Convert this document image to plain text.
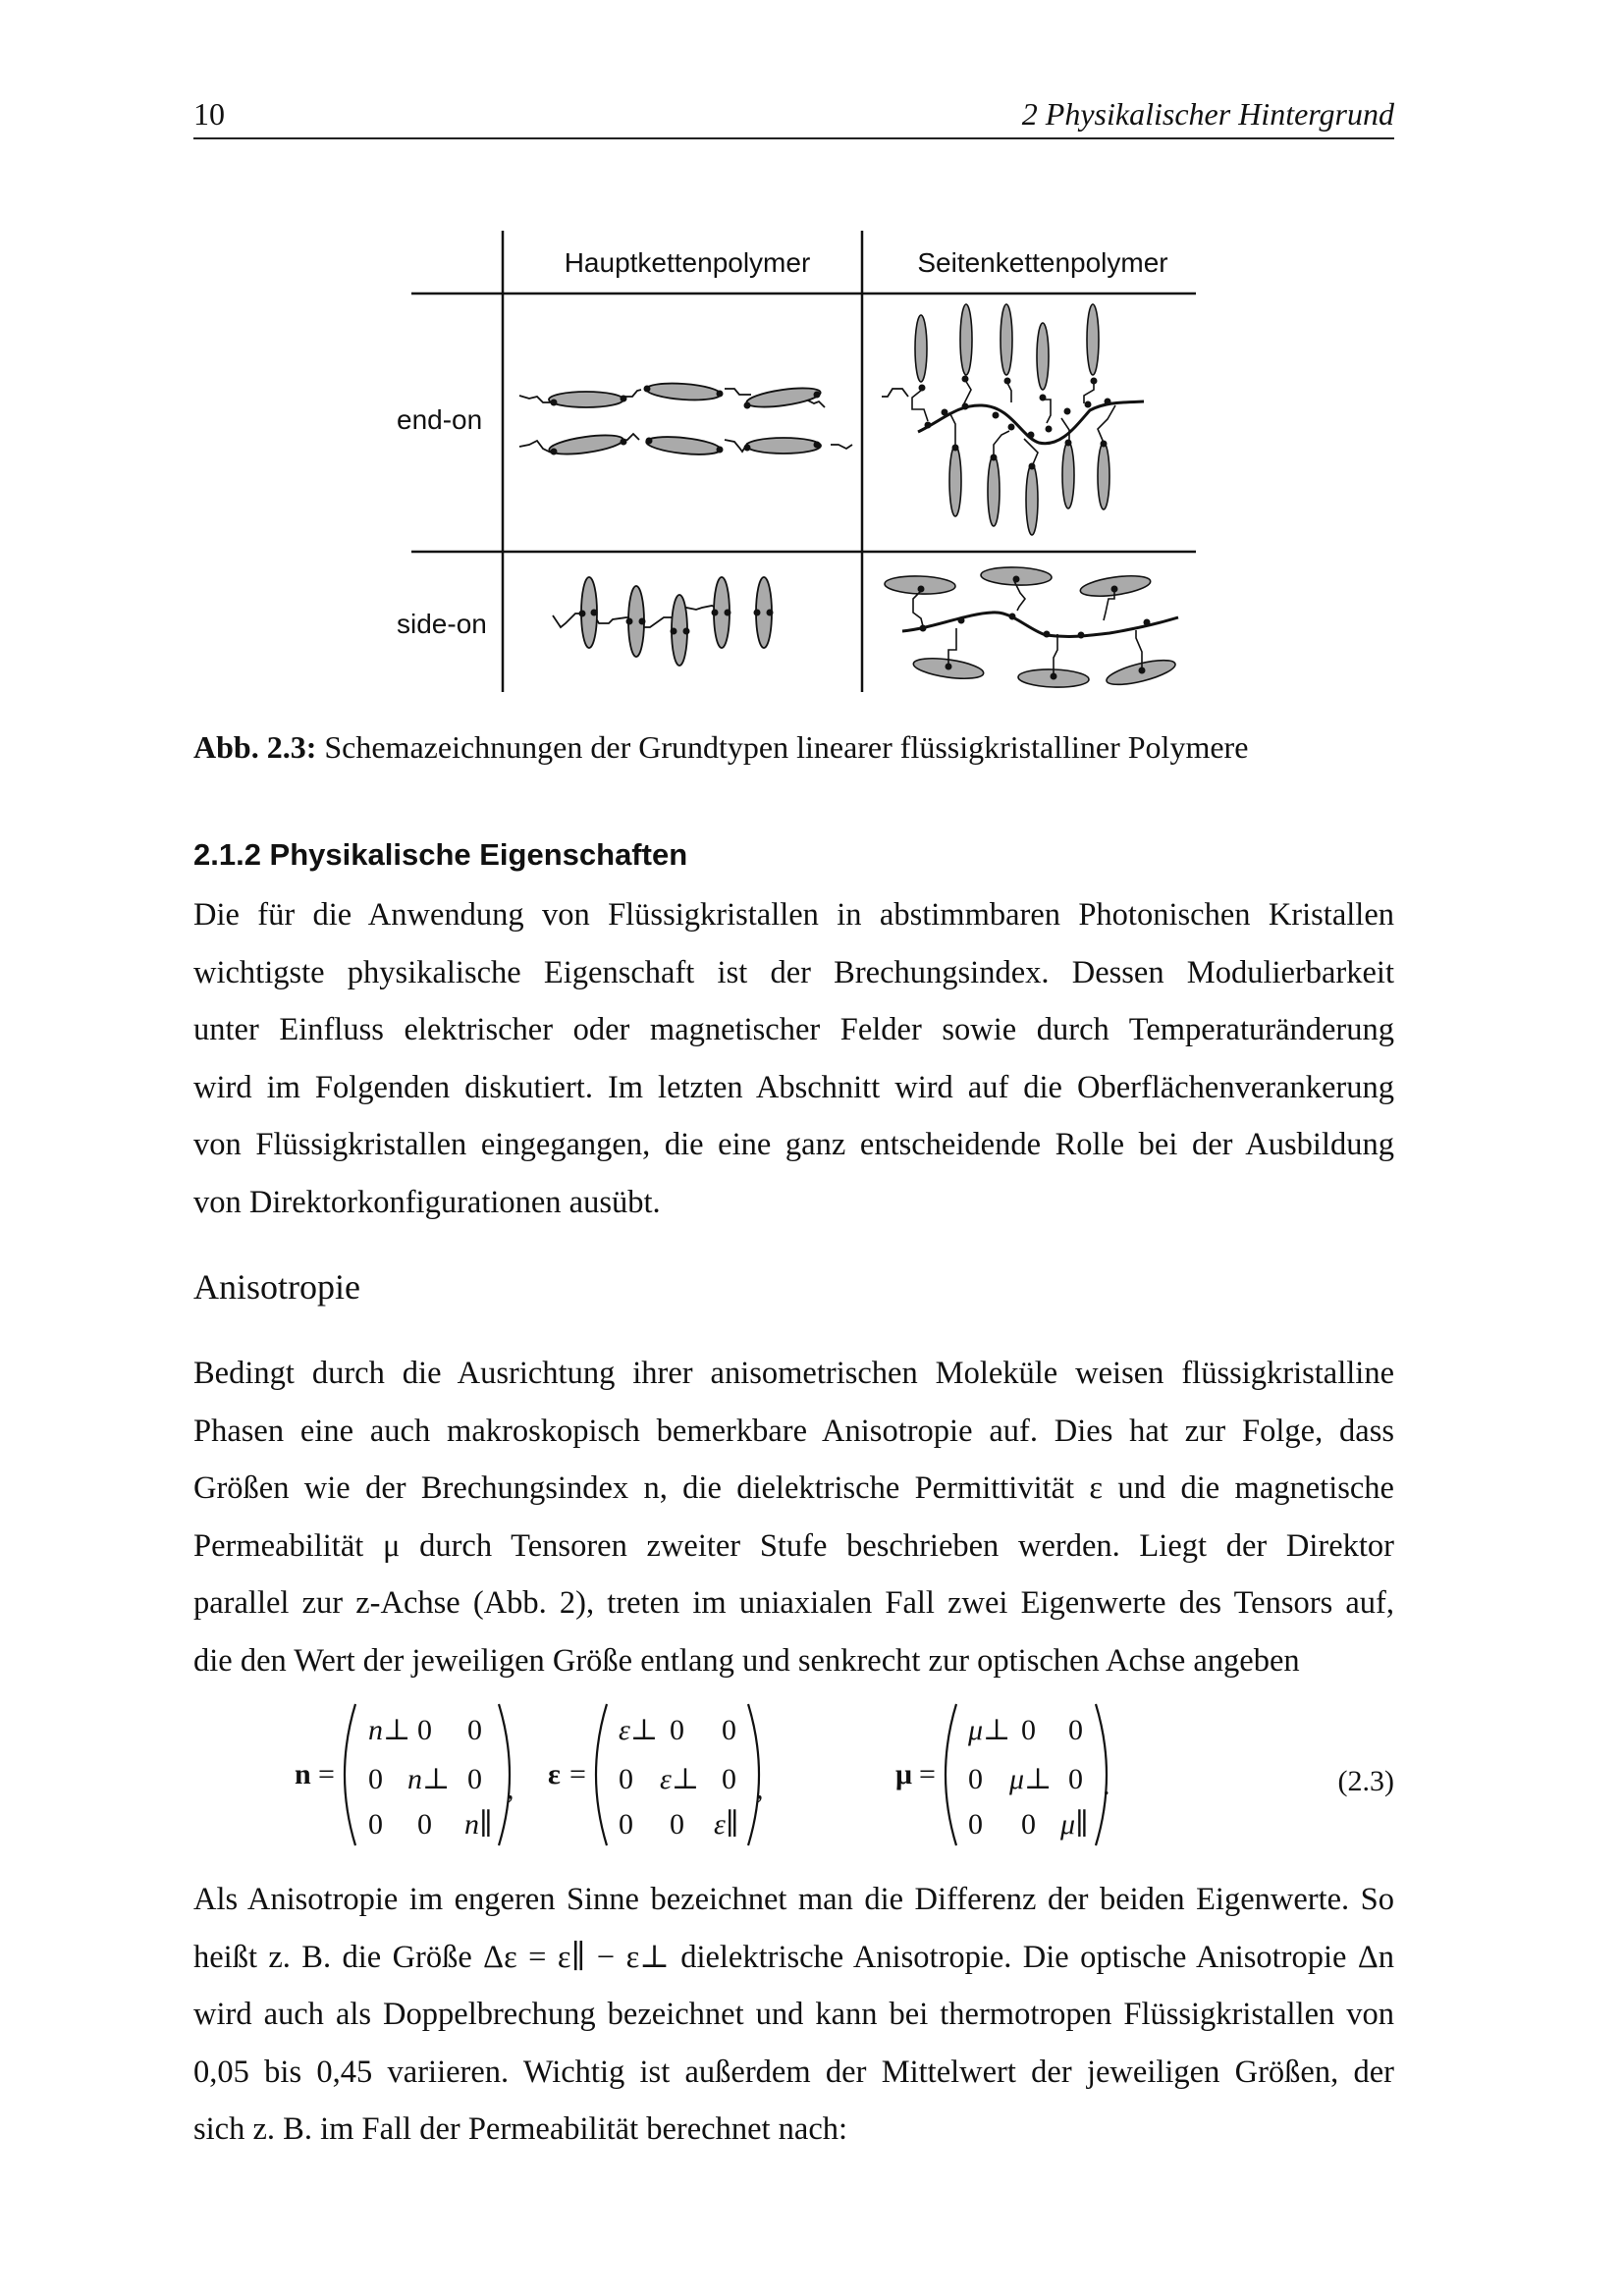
10	2 Physikalischer Hintergrund
Hauptkettenpolymer	Seitenkettenpolymer
end-on
side-on
Abb. 2.3: Schemazeichnungen der Grundtypen linearer flüssigkristalliner Polymere
2.1.2 Physikalische Eigenschaften
Die für die Anwendung von Flüssigkristallen in abstimmbaren Photonischen Kristallen
wichtigste physikalische Eigenschaft ist der Brechungsindex. Dessen Modulierbarkeit
unter Einfluss elektrischer oder magnetischer Felder sowie durch Temperaturänderung
wird im Folgenden diskutiert. Im letzten Abschnitt wird auf die Oberflächenverankerung
von Flüssigkristallen eingegangen, die eine ganz entscheidende Rolle bei der Ausbildung
von Direktorkonfigurationen ausübt.
Anisotropie
Bedingt durch die Ausrichtung ihrer anisometrischen Moleküle weisen flüssigkristalline
Phasen eine auch makroskopisch bemerkbare Anisotropie auf. Dies hat zur Folge, dass
Größen wie der Brechungsindex n, die dielektrische Permittivität ε und die magnetische
Permeabilität μ durch Tensoren zweiter Stufe beschrieben werden. Liegt der Direktor
parallel zur z-Achse (Abb. 2), treten im uniaxialen Fall zwei Eigenwerte des Tensors auf,
die den Wert der jeweiligen Größe entlang und senkrecht zur optischen Achse angeben
n =
n⊥ 0 0
0 n⊥ 0
0 0 n∥
, ε =
ε⊥ 0 0
0 ε⊥ 0
0 0 ε∥
,	μ =
μ⊥ 0 0
0 μ⊥ 0
0 0 μ∥
.	(2.3)
Als Anisotropie im engeren Sinne bezeichnet man die Differenz der beiden Eigenwerte. So
heißt z. B. die Größe Δε = ε∥ − ε⊥ dielektrische Anisotropie. Die optische Anisotropie Δn
wird auch als Doppelbrechung bezeichnet und kann bei thermotropen Flüssigkristallen von
0,05 bis 0,45 variieren. Wichtig ist außerdem der Mittelwert der jeweiligen Größen, der
sich z. B. im Fall der Permeabilität berechnet nach:
